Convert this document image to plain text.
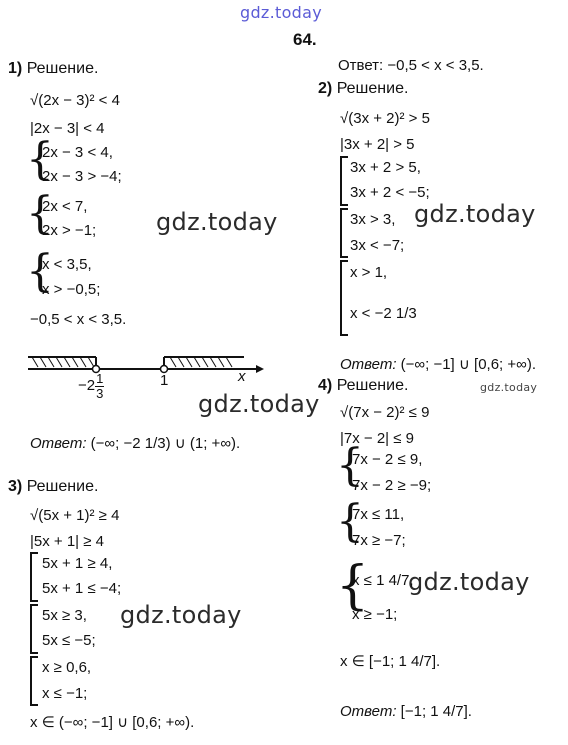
gdz.today
gdz.today	gdz.today
gdz.today
gdz.today
gdz.today
gdz.today
64.
1) Решение.
√(2x − 3)² < 4
|2x − 3| < 4
{
2x − 3 < 4,
2x − 3 > −4;
{
2x < 7,
2x > −1;
{
x < 3,5,
x > −0,5;
−0,5 < x < 3,5.
$-2 \frac{1}{3}$	1	x
Ответ: (−∞; −2 1/3) ∪ (1; +∞).
Ответ: −0,5 < x < 3,5.
2) Решение.
√(3x + 2)² > 5
|3x + 2| > 5
3x + 2 > 5,
3x + 2 < −5;
3x > 3,
3x < −7;
x > 1,
x < −2 1/3
Ответ: (−∞; −1] ∪ [0,6; +∞).
3) Решение.
√(5x + 1)² ≥ 4
|5x + 1| ≥ 4
5x + 1 ≥ 4,
5x + 1 ≤ −4;
5x ≥ 3,
5x ≤ −5;
x ≥ 0,6,
x ≤ −1;
x ∈ (−∞; −1] ∪ [0,6; +∞).
4) Решение.
√(7x − 2)² ≤ 9
|7x − 2| ≤ 9
{
7x − 2 ≤ 9,
7x − 2 ≥ −9;
{
7x ≤ 11,
7x ≥ −7;
{
x ≤ 1 4/7,
x ≥ −1;
x ∈ [−1; 1 4/7].
Ответ: [−1; 1 4/7].
